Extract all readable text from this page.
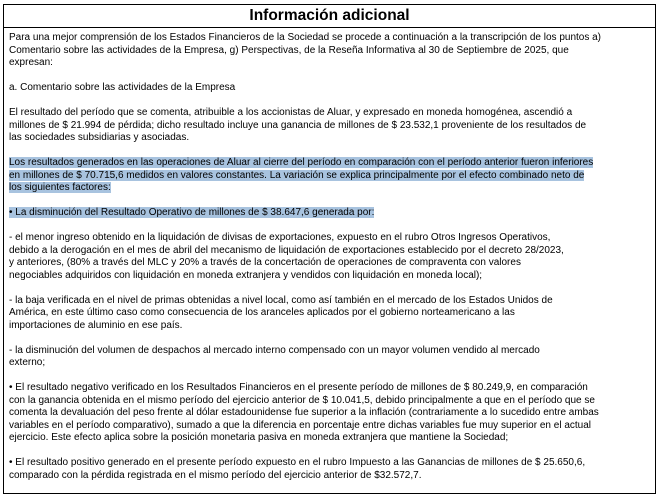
Información adicional
Para una mejor comprensión de los Estados Financieros de la Sociedad se procede a continuación a la transcripción de los puntos a)
Comentario sobre las actividades de la Empresa, g) Perspectivas, de la Reseña Informativa al 30 de Septiembre de 2025, que
expresan:
a. Comentario sobre las actividades de la Empresa
El resultado del período que se comenta, atribuible a los accionistas de Aluar, y expresado en moneda homogénea, ascendió a
millones de $ 21.994 de pérdida; dicho resultado incluye una ganancia de millones de $ 23.532,1 proveniente de los resultados de
las sociedades subsidiarias y asociadas.
Los resultados generados en las operaciones de Aluar al cierre del período en comparación con el período anterior fueron inferiores
en millones de $ 70.715,6 medidos en valores constantes. La variación se explica principalmente por el efecto combinado neto de
los siguientes factores:
• La disminución del Resultado Operativo de millones de $ 38.647,6 generada por:
- el menor ingreso obtenido en la liquidación de divisas de exportaciones, expuesto en el rubro Otros Ingresos Operativos,
debido a la derogación en el mes de abril del mecanismo de liquidación de exportaciones establecido por el decreto 28/2023,
y anteriores, (80% a través del MLC y 20% a través de la concertación de operaciones de compraventa con valores
negociables adquiridos con liquidación en moneda extranjera y vendidos con liquidación en moneda local);
- la baja verificada en el nivel de primas obtenidas a nivel local, como así también en el mercado de los Estados Unidos de
América, en este último caso como consecuencia de los aranceles aplicados por el gobierno norteamericano a las
importaciones de aluminio en ese país.
- la disminución del volumen de despachos al mercado interno compensado con un mayor volumen vendido al mercado
externo;
• El resultado negativo verificado en los Resultados Financieros en el presente período de millones de $ 80.249,9, en comparación
con la ganancia obtenida en el mismo período del ejercicio anterior de $ 10.041,5, debido principalmente a que en el período que se
comenta la devaluación del peso frente al dólar estadounidense fue superior a la inflación (contrariamente a lo sucedido entre ambas
variables en el período comparativo), sumado a que la diferencia en porcentaje entre dichas variables fue muy superior en el actual
ejercicio. Este efecto aplica sobre la posición monetaria pasiva en moneda extranjera que mantiene la Sociedad;
• El resultado positivo generado en el presente período expuesto en el rubro Impuesto a las Ganancias de millones de $ 25.650,6,
comparado con la pérdida registrada en el mismo período del ejercicio anterior de $32.572,7.
